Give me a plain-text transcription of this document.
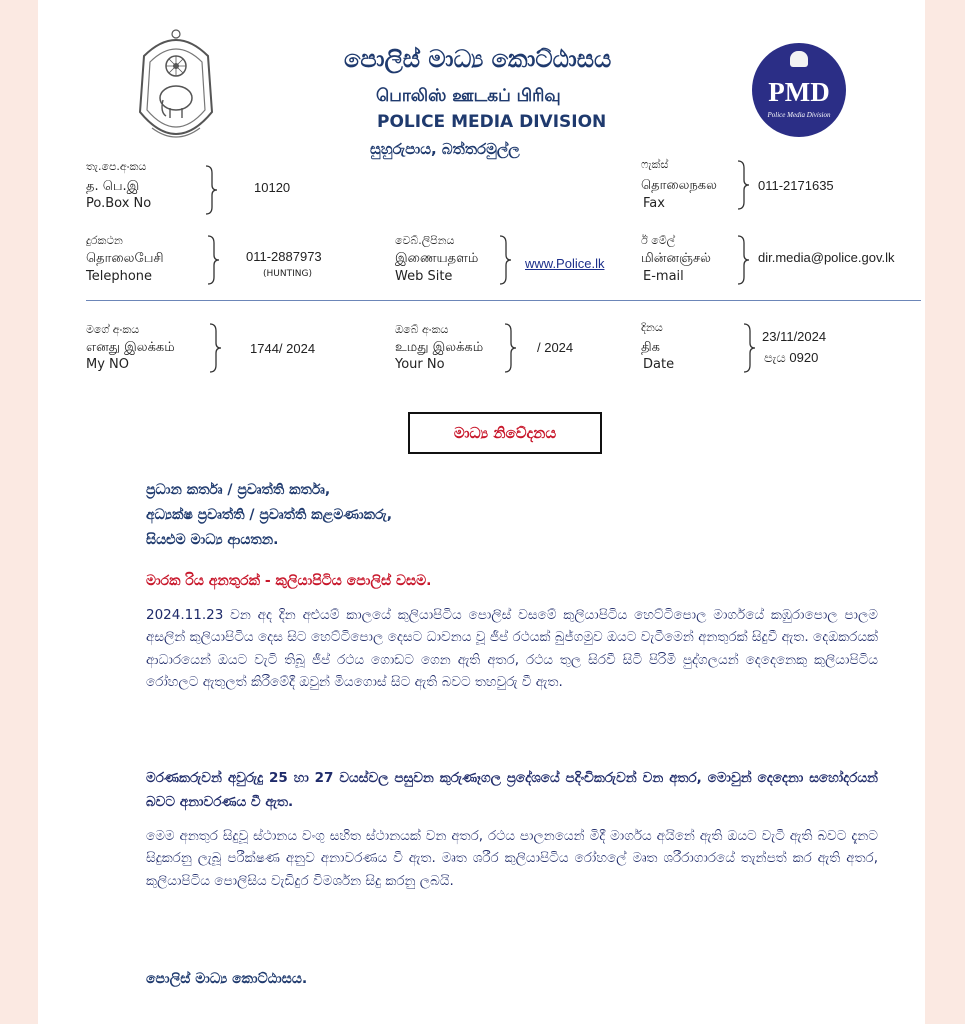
පොලිස් මාධ්‍ය කොට්ඨාසය
பொலிஸ் ஊடகப் பிரிவு
POLICE MEDIA DIVISION
සුහුරුපාය, බත්තරමුල්ල
PMD
Police Media Division
තැ.පෙ.අංකය
த. பெ.இ
Po.Box No
10120
ෆැක්ස්
தொலைநகல
Fax
011-2171635
දුරකථන
தொலைபேசி
Telephone
011-2887973
(HUNTING)
වෙබ්.ලිපිනය
இணையதளம்
Web Site
www.Police.lk
ඊ මේල්
மின்னஞ்சல்
E-mail
dir.media@police.gov.lk
මගේ අංකය
எனது இலக்கம்
My NO
1744/ 2024
ඔබේ අංකය
உமது இலக்கம்
Your No
/ 2024
දිනය
திக
Date
23/11/2024
පැය 0920
මාධ්‍ය නිවේදනය
ප්‍රධාන කර්තෘ / ප්‍රවෘත්ති කර්තෘ,
අධ්‍යක්ෂ ප්‍රවෘත්ති / ප්‍රවෘත්ති කළමණාකරු,
සියළුම මාධ්‍ය ආයතන.
මාරක රිය අනතුරක් - කුලියාපිටිය පොලිස් වසම.
2024.11.23 වන අද දින අළුයම් කාලයේ කුලියාපිටිය පොලිස් වසමේ කුලියාපිටිය හෙට්ටිපොල මාර්ගයේ කඹුරාපොල පාලම අසලින් කුලියාපිටිය දෙස සිට හෙට්ටිපොල දෙසට ධාවනය වූ ජීප් රථයක් බුජ්ගමුව ඔයට වැටීමෙන් අනතුරක් සිදුවී ඇත. දෙඔකරයක් ආධාරයෙන් ඔයට වැටි තිබූ ජීප් රථය ගොඩට ගෙන ඇති අතර, රථය තුල සිරවී සිටි පිරිමි පුද්ගලයන් දෙදෙනෙකු කුලියාපිටිය රෝහලට ඇතුලත් කිරීමේදී ඔවුන් මියගොස් සිට ඇති බවට තහවුරු වී ඇත.
මරණකරුවන් අවුරුදු 25 හා 27 වයස්වල පසුවන කුරුණෑගල ප්‍රදේශයේ පදිංචිකරුවන් වන අතර, මොවුන් දෙදෙනා සහෝදරයන් බවට අනාවරණය වී ඇත.
මෙම අනතුර සිදුවූ ස්ථානය වංගු සහිත ස්ථානයක් වන අතර, රථය පාලනයෙන් මිදී මාර්ගය අයිනේ ඇති ඔයට වැටී ඇති බවට දැනට සිදුකරනු ලැබූ පරීක්ෂණ අනුව අනාවරණය වී ඇත. මෘත ශරීර කුලියාපිටිය රෝහලේ මෘත ශරීරාගාරයේ තැන්පත් කර ඇති අතර, කුලියාපිටිය පොලිසිය වැඩිදුර විමර්ශන සිදු කරනු ලබයි.
පොලිස් මාධ්‍ය කොට්ඨාසය.
